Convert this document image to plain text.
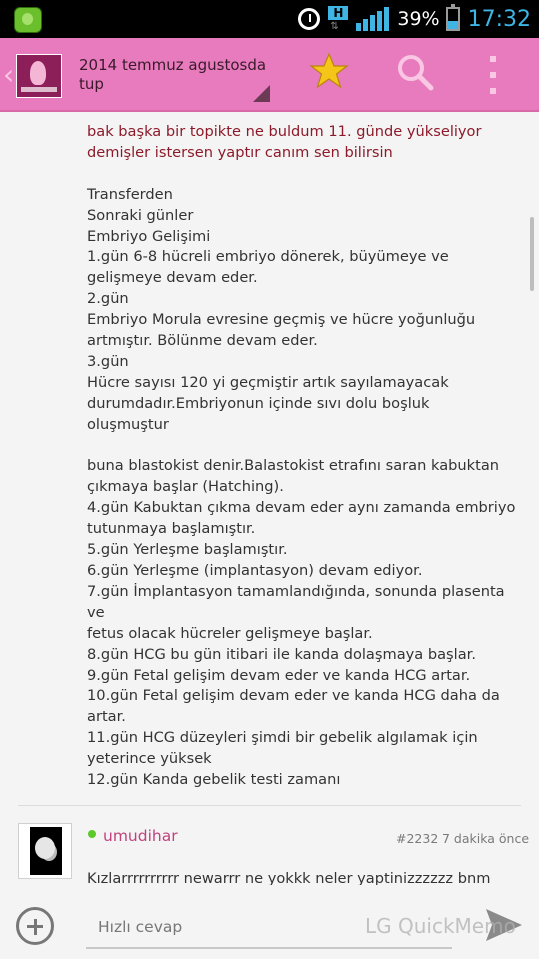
H
⇅	39% 17:32
‹	2014 temmuz agustosda tup

bak başka bir topikte ne buldum 11. günde yükseliyor

demişler istersen yaptır canım sen bilirsin

Transferden

Sonraki günler

Embriyo Gelişimi

1.gün 6-8 hücreli embriyo dönerek, büyümeye ve

gelişmeye devam eder.

2.gün

Embriyo Morula evresine geçmiş ve hücre yoğunluğu

artmıştır. Bölünme devam eder.

3.gün

Hücre sayısı 120 yi geçmiştir artık sayılamayacak

durumdadır.Embriyonun içinde sıvı dolu boşluk

oluşmuştur

buna blastokist denir.Balastokist etrafını saran kabuktan

çıkmaya başlar (Hatching).

4.gün Kabuktan çıkma devam eder aynı zamanda embriyo

tutunmaya başlamıştır.

5.gün Yerleşme başlamıştır.

6.gün Yerleşme (implantasyon) devam ediyor.

7.gün İmplantasyon tamamlandığında, sonunda plasenta ve

fetus olacak hücreler gelişmeye başlar.

8.gün HCG bu gün itibari ile kanda dolaşmaya başlar.

9.gün Fetal gelişim devam eder ve kanda HCG artar.

10.gün Fetal gelişim devam eder ve kanda HCG daha da

artar.

11.gün HCG düzeyleri şimdi bir gebelik algılamak için

yeterince yüksek

12.gün Kanda gebelik testi zamanı

umudihar	#2232 7 dakika önce
Kızlarrrrrrrrrr newarrr ne yokkk neler yaptinizzzzzz bnm
Hızlı cevap
LG QuickMemo
